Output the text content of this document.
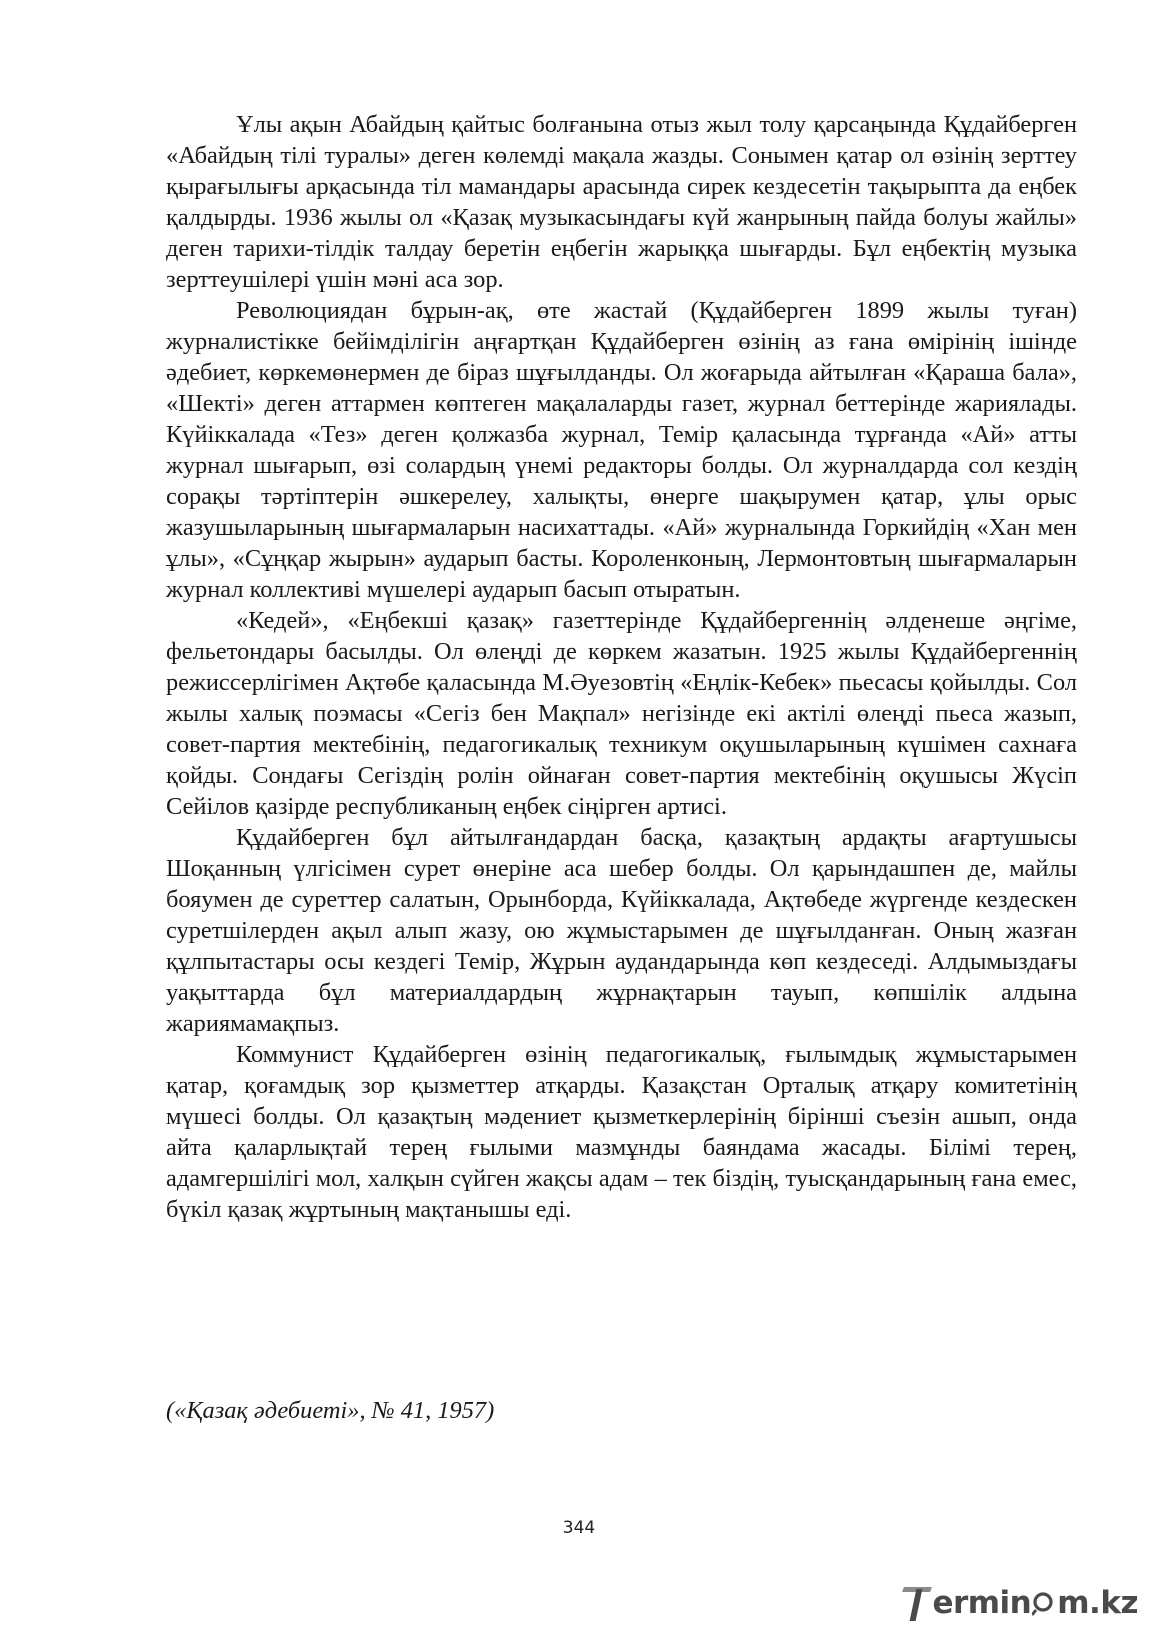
Ұлы ақын Абайдың қайтыс болғанына отыз жыл толу қарсаңында Құдайберген «Абайдың тілі туралы» деген көлемді мақала жазды. Сонымен қатар ол өзінің зерттеу қырағылығы арқасында тіл мамандары арасында сирек кездесетін тақырыпта да еңбек қалдырды. 1936 жылы ол «Қазақ музыкасындағы күй жанрының пайда болуы жайлы» деген тарихи-тілдік талдау беретін еңбегін жарыққа шығарды. Бұл еңбектің музыка зерттеушілері үшін мәні аса зор.

Революциядан бұрын-ақ, өте жастай (Құдайберген 1899 жылы туған) журналистікке бейімділігін аңғартқан Құдайберген өзінің аз ғана өмірінің ішінде әдебиет, көркемөнермен де біраз шұғылданды. Ол жоғарыда айтылған «Қараша бала», «Шекті» деген аттармен көптеген мақалаларды газет, журнал беттерінде жариялады. Күйіккалада «Тез» деген қолжазба журнал, Темір қаласында тұрғанда «Ай» атты журнал шығарып, өзі солардың үнемі редакторы болды. Ол журналдарда сол кездің сорақы тәртіптерін әшкерелеу, халықты, өнерге шақырумен қатар, ұлы орыс жазушыларының шығармаларын насихаттады. «Ай» журналында Горкийдің «Хан мен ұлы», «Сұңқар жырын» аударып басты. Короленконың, Лермонтовтың шығармаларын журнал коллективі мүшелері аударып басып отыратын.

«Кедей», «Еңбекші қазақ» газеттерінде Құдайбергеннің әлденеше әңгіме, фельетондары басылды. Ол өлеңді де көркем жазатын. 1925 жылы Құдайбергеннің режиссерлігімен Ақтөбе қаласында М.Әуезовтің «Еңлік-Кебек» пьесасы қойылды. Сол жылы халық поэмасы «Сегіз бен Мақпал» негізінде екі актілі өлеңді пьеса жазып, совет-партия мектебінің, педагогикалық техникум оқушыларының күшімен сахнаға қойды. Сондағы Сегіздің ролін ойнаған совет-партия мектебінің оқушысы Жүсіп Сейілов қазірде республиканың еңбек сіңірген артисі.

Құдайберген бұл айтылғандардан басқа, қазақтың ардақты ағартушысы Шоқанның үлгісімен сурет өнеріне аса шебер болды. Ол қарындашпен де, майлы бояумен де суреттер салатын, Орынборда, Күйіккалада, Ақтөбеде жүргенде кездескен суретшілерден ақыл алып жазу, ою жұмыстарымен де шұғылданған. Оның жазған құлпытастары осы кездегі Темір, Жұрын аудандарында көп кездеседі. Алдымыздағы уақыттарда бұл материалдардың жұрнақтарын тауып, көпшілік алдына жариямамақпыз.

Коммунист Құдайберген өзінің педагогикалық, ғылымдық жұмыстарымен қатар, қоғамдық зор қызметтер атқарды. Қазақстан Орталық атқару комитетінің мүшесі болды. Ол қазақтың мәдениет қызметкерлерінің бірінші съезін ашып, онда айта қаларлықтай терең ғылыми мазмұнды баяндама жасады. Білімі терең, адамгершілігі мол, халқын сүйген жақсы адам – тек біздің, туысқандарының ғана емес, бүкіл қазақ жұртының мақтанышы еді.

(«Қазақ әдебиеті», № 41, 1957)

344
ermin m.kz
